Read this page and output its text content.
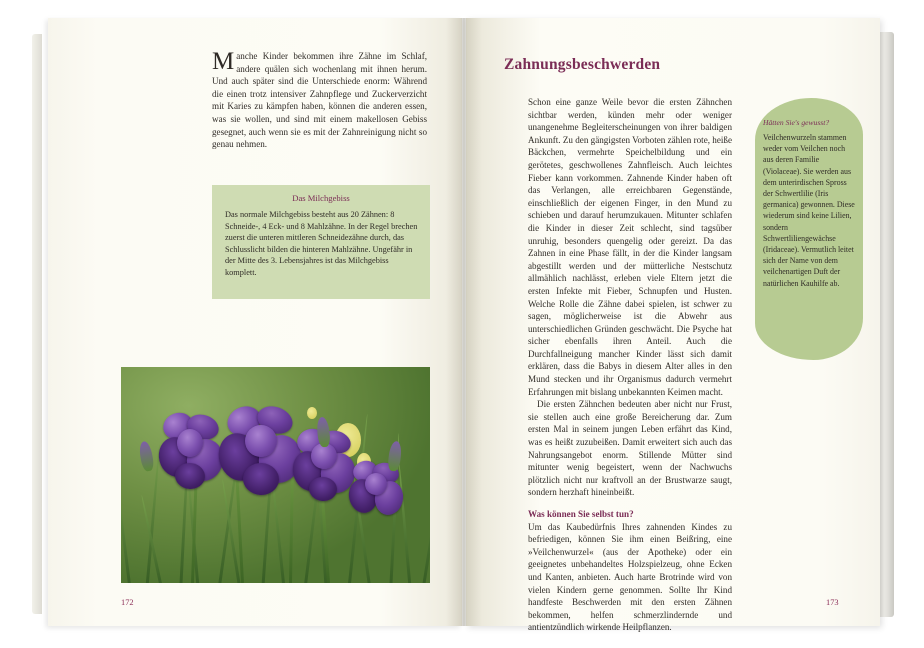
Manche Kinder bekommen ihre Zähne im Schlaf, andere quälen sich wochenlang mit ihnen herum. Und auch später sind die Unterschiede enorm: Während die einen trotz intensiver Zahnpflege und Zuckerverzicht mit Karies zu kämpfen haben, können die anderen essen, was sie wollen, und sind mit einem makellosen Gebiss gesegnet, auch wenn sie es mit der Zahnreinigung nicht so genau nehmen.
Das Milchgebiss
Das normale Milchgebiss besteht aus 20 Zähnen: 8 Schneide-, 4 Eck- und 8 Mahlzähne. In der Regel brechen zuerst die unteren mittleren Schneidezähne durch, das Schlusslicht bilden die hinteren Mahlzähne. Ungefähr in der Mitte des 3. Lebensjahres ist das Milchgebiss komplett.
172
Zahnungsbeschwerden

Schon eine ganze Weile bevor die ersten Zähnchen sichtbar werden, künden mehr oder weniger unangenehme Begleiterscheinungen von ihrer baldigen Ankunft. Zu den gängigsten Vorboten zählen rote, heiße Bäckchen, vermehrte Speichelbildung und ein gerötetes, geschwollenes Zahnfleisch. Auch leichtes Fieber kann vorkommen. Zahnende Kinder haben oft das Verlangen, alle erreichbaren Gegenstände, einschließlich der eigenen Finger, in den Mund zu schieben und darauf herumzukauen. Mitunter schlafen die Kinder in dieser Zeit schlecht, sind tagsüber unruhig, besonders quengelig oder gereizt. Da das Zahnen in eine Phase fällt, in der die Kinder langsam abgestillt werden und der mütterliche Nestschutz allmählich nachlässt, erleben viele Eltern jetzt die ersten Infekte mit Fieber, Schnupfen und Husten. Welche Rolle die Zähne dabei spielen, ist schwer zu sagen, möglicherweise ist die Abwehr aus unterschiedlichen Gründen geschwächt. Die Psyche hat sicher ebenfalls ihren Anteil. Auch die Durchfallneigung mancher Kinder lässt sich damit erklären, dass die Babys in diesem Alter alles in den Mund stecken und ihr Organismus dadurch vermehrt Erfahrungen mit bislang unbekannten Keimen macht.

Die ersten Zähnchen bedeuten aber nicht nur Frust, sie stellen auch eine große Bereicherung dar. Zum ersten Mal in seinem jungen Leben erfährt das Kind, was es heißt zuzubeißen. Damit erweitert sich auch das Nahrungsangebot enorm. Stillende Mütter sind mitunter wenig begeistert, wenn der Nachwuchs plötzlich nicht nur kraftvoll an der Brustwarze saugt, sondern herzhaft hineinbeißt.

Was können Sie selbst tun?

Um das Kaubedürfnis Ihres zahnenden Kindes zu befriedigen, können Sie ihm einen Beißring, eine »Veilchenwurzel« (aus der Apotheke) oder ein geeignetes unbehandeltes Holzspielzeug, ohne Ecken und Kanten, anbieten. Auch harte Brotrinde wird von vielen Kindern gerne genommen. Sollte Ihr Kind handfeste Beschwerden mit den ersten Zähnen bekommen, helfen schmerzlindernde und antientzündlich wirkende Heilpflanzen.

Hätten Sie's gewusst?
Veilchenwurzeln stammen weder vom Veilchen noch aus deren Familie (Violaceae). Sie werden aus dem unterirdischen Spross der Schwertlilie (Iris germanica) gewonnen. Diese wiederum sind keine Lilien, sondern Schwertliliengewächse (Iridaceae). Vermutlich leitet sich der Name von dem veilchenartigen Duft der natürlichen Kauhilfe ab.
173
